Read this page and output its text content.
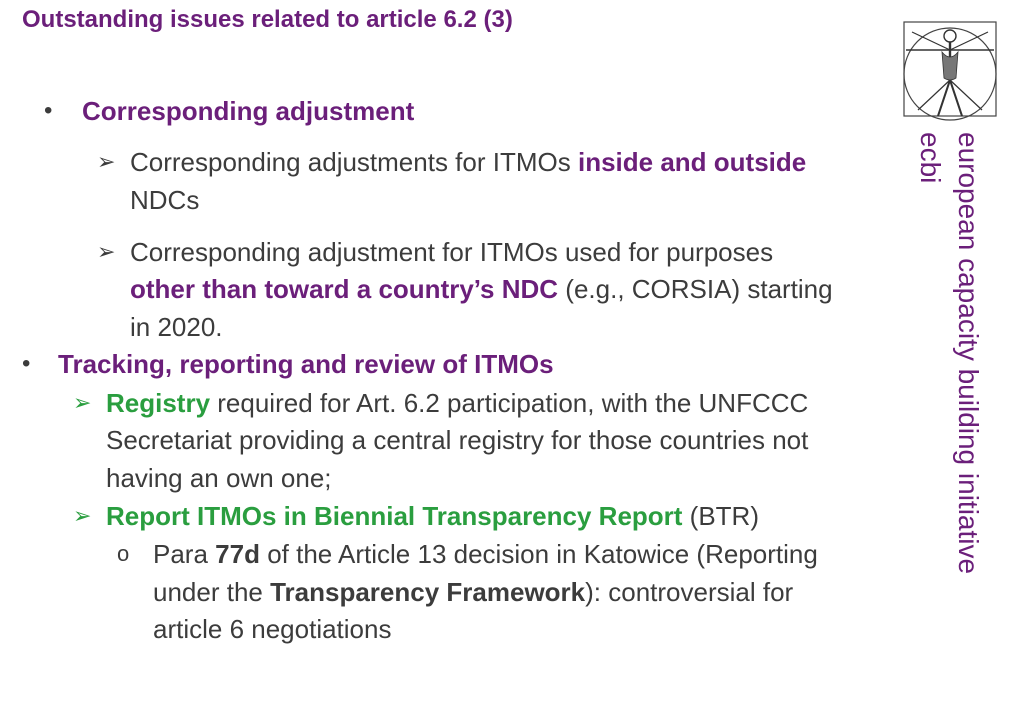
Outstanding issues related to article 6.2 (3)
• Corresponding adjustment
➢ Corresponding adjustments for ITMOs inside and outside
NDCs
➢ Corresponding adjustment for ITMOs used for purposes
other than toward a country’s NDC (e.g., CORSIA) starting
in 2020.
• Tracking, reporting and review of ITMOs
➢ Registry required for Art. 6.2 participation, with the UNFCCC
Secretariat providing a central registry for those countries not
having an own one;
➢ Report ITMOs in Biennial Transparency Report (BTR)
o Para 77d of the Article 13 decision in Katowice (Reporting
under the Transparency Framework): controversial for
article 6 negotiations
european capacity building initiative
ecbi
